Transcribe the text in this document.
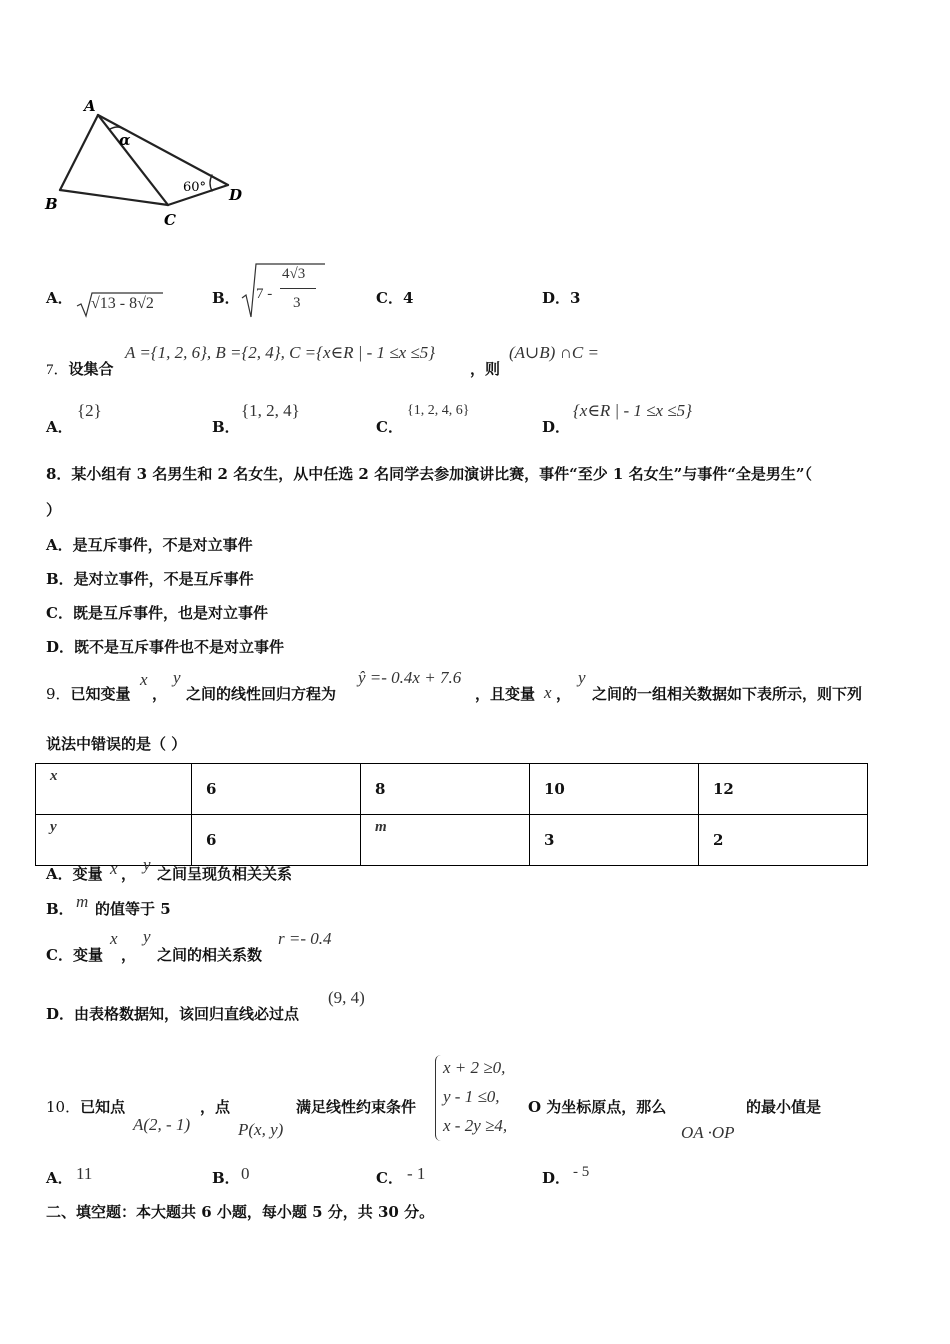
A
B
C
D
α
60°
A． √13 - 8√2	B． 7 -
4√3
3	C．4	D．3
7．设集合
A ={1, 2, 6}, B ={2, 4}, C ={x∈R | - 1 ≤x ≤5}
，则
(A∪B) ∩C =
A．
{2}
B．
{1, 2, 4}
C．
{1, 2, 4, 6}
D．
{x∈R | - 1 ≤x ≤5}
8．某小组有 3 名男生和 2 名女生，从中任选 2 名同学去参加演讲比赛，事件“至少 1 名女生”与事件“全是男生”（
）
A．是互斥事件，不是对立事件
B．是对立事件，不是互斥事件
C．既是互斥事件，也是对立事件
D．既不是互斥事件也不是对立事件
9．已知变量
x
，
y
之间的线性回归方程为
ŷ =- 0.4x + 7.6
，且变量 x ，
y
之间的一组相关数据如下表所示，则下列
说法中错误的是（ ）
x	6	8	10	12
y	6	m	3	2
A．变量 x ， y 之间呈现负相关关系
B． m 的值等于 5
C．变量
x
，
y
之间的相关系数
r =- 0.4
D．由表格数据知，该回归直线必过点
(9, 4)
10．已知点
A(2, - 1)
，点
P(x, y)
满足线性约束条件
x + 2 ≥0,
y - 1 ≤0,
x - 2y ≥4,
O 为坐标原点，那么
OA ·OP
的最小值是
A． 11	B． 0	C． - 1	D． - 5
二、填空题：本大题共 6 小题，每小题 5 分，共 30 分。
